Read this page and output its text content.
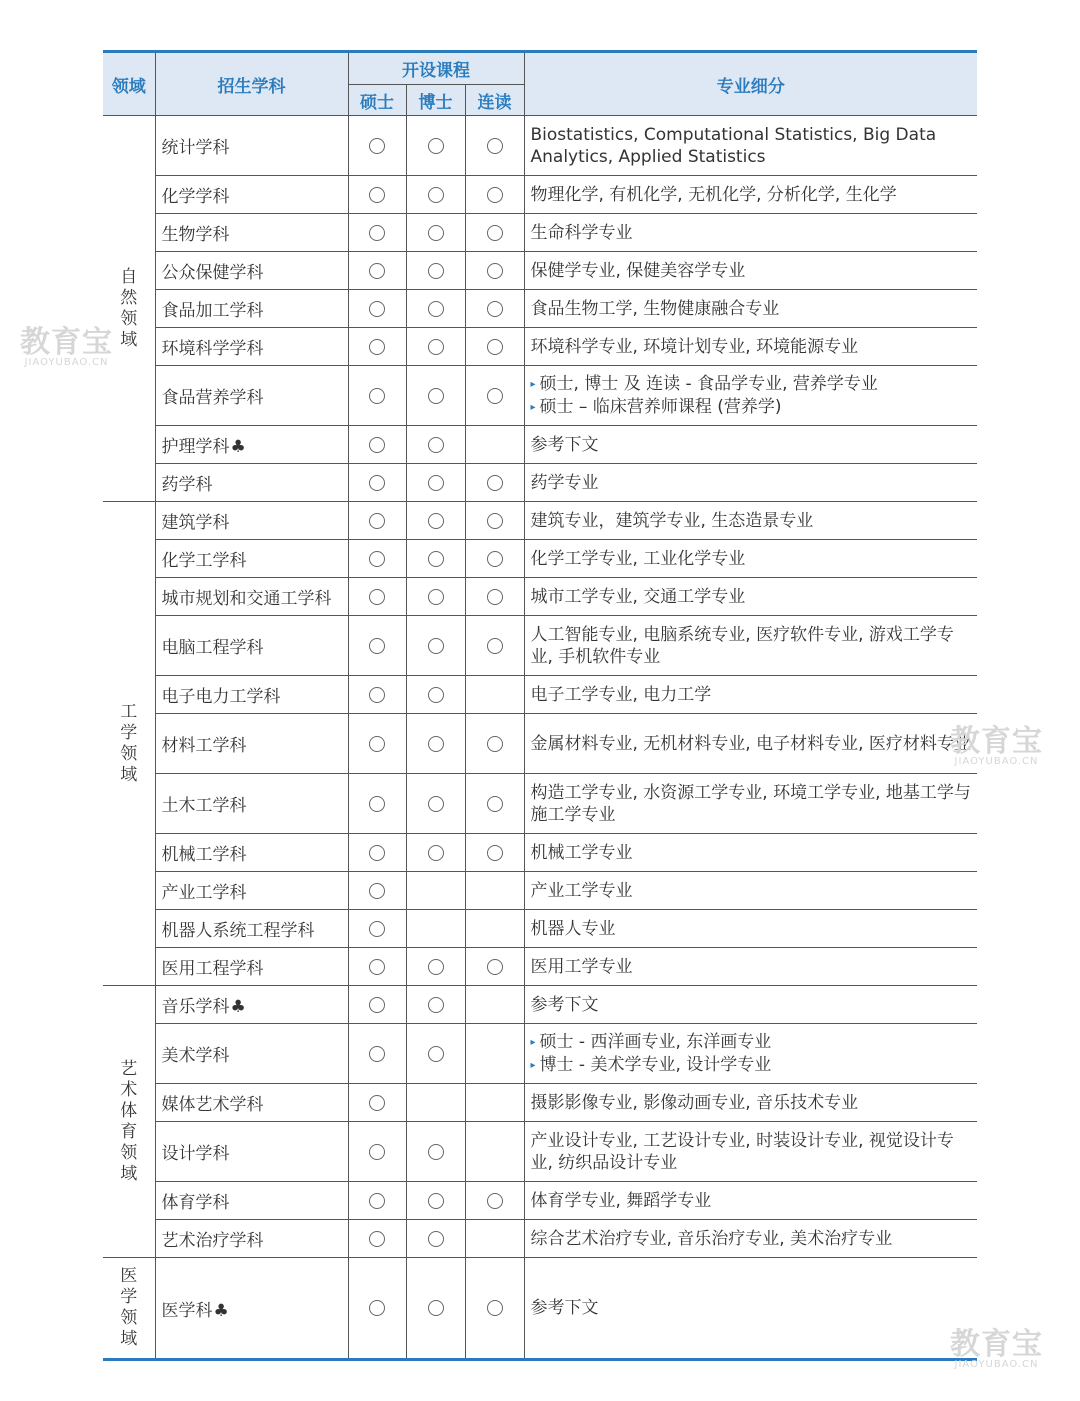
领域	招生学科	开设课程			专业细分
		硕士	博士	连读	
自然领域	统计学科				Biostatistics, Computational Statistics, Big Data Analytics, Applied Statistics

	化学学科				物理化学, 有机化学, 无机化学, 分析化学, 生化学

	生物学科				生命科学专业

	公众保健学科				保健学专业, 保健美容学专业

	食品加工学科				食品生物工学, 生物健康融合专业

	环境科学学科				环境科学专业, 环境计划专业, 环境能源专业

	食品营养学科				▸ 硕士, 博士 及 连读 - 食品学专业, 营养学专业
▸ 硕士 – 临床营养师课程 (营养学)

	护理学科♣				参考下文

	药学科				药学专业

工学领域	建筑学科				建筑专业，建筑学专业, 生态造景专业

	化学工学科				化学工学专业, 工业化学专业

	城市规划和交通工学科				城市工学专业, 交通工学专业

	电脑工程学科				人工智能专业, 电脑系统专业, 医疗软件专业, 游戏工学专业, 手机软件专业

	电子电力工学科				电子工学专业, 电力工学

	材料工学科				金属材料专业, 无机材料专业, 电子材料专业, 医疗材料专业

	土木工学科				构造工学专业, 水资源工学专业, 环境工学专业, 地基工学与施工学专业

	机械工学科				机械工学专业

	产业工学科				产业工学专业

	机器人系统工程学科				机器人专业

	医用工程学科				医用工学专业

艺术体育领域	音乐学科♣				参考下文

	美术学科				▸ 硕士 - 西洋画专业, 东洋画专业
▸ 博士 - 美术学专业, 设计学专业

	媒体艺术学科				摄影影像专业, 影像动画专业, 音乐技术专业

	设计学科				产业设计专业, 工艺设计专业, 时装设计专业, 视觉设计专业, 纺织品设计专业

	体育学科				体育学专业, 舞蹈学专业

	艺术治疗学科				综合艺术治疗专业, 音乐治疗专业, 美术治疗专业

医学领域	医学科♣				参考下文
教育宝
JIAOYUBAO.CN
教育宝
JIAOYUBAO.CN
教育宝
JIAOYUBAO.CN
